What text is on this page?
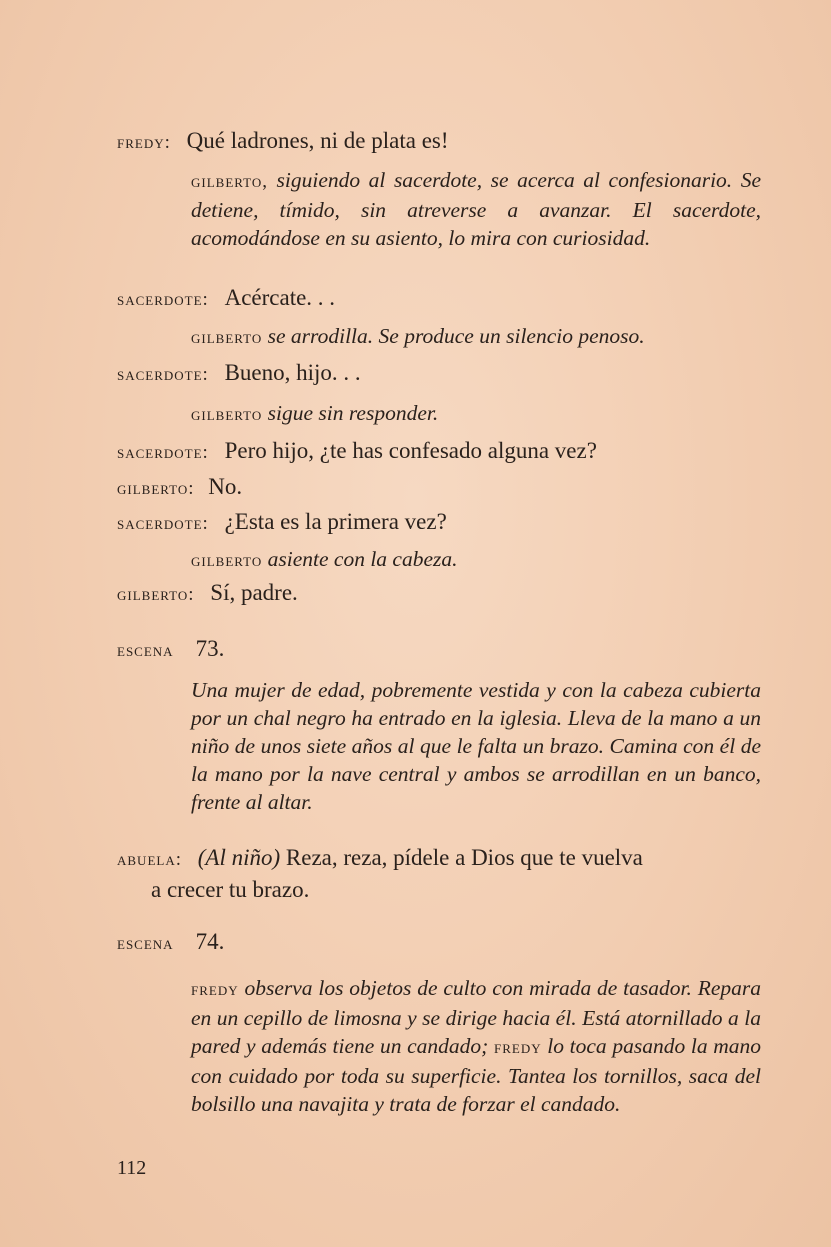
fredy: Qué ladrones, ni de plata es!
gilberto, siguiendo al sacerdote, se acerca al confesionario. Se detiene, tímido, sin atreverse a avanzar. El sacerdote, acomodándose en su asiento, lo mira con curiosidad.
sacerdote: Acércate. . .
gilberto se arrodilla. Se produce un silencio penoso.
sacerdote: Bueno, hijo. . .
gilberto sigue sin responder.
sacerdote: Pero hijo, ¿te has confesado alguna vez?
gilberto: No.
sacerdote: ¿Esta es la primera vez?
gilberto asiente con la cabeza.
gilberto: Sí, padre.
escena 73.
Una mujer de edad, pobremente vestida y con la cabeza cubierta por un chal negro ha entrado en la iglesia. Lleva de la mano a un niño de unos siete años al que le falta un brazo. Camina con él de la mano por la nave central y ambos se arrodillan en un banco, frente al altar.
abuela: (Al niño) Reza, reza, pídele a Dios que te vuelva
a crecer tu brazo.
escena 74.
fredy observa los objetos de culto con mirada de tasador. Repara en un cepillo de limosna y se dirige hacia él. Está atornillado a la pared y además tiene un candado; fredy lo toca pasando la mano con cuidado por toda su superficie. Tantea los tornillos, saca del bolsillo una navajita y trata de forzar el candado.
112
